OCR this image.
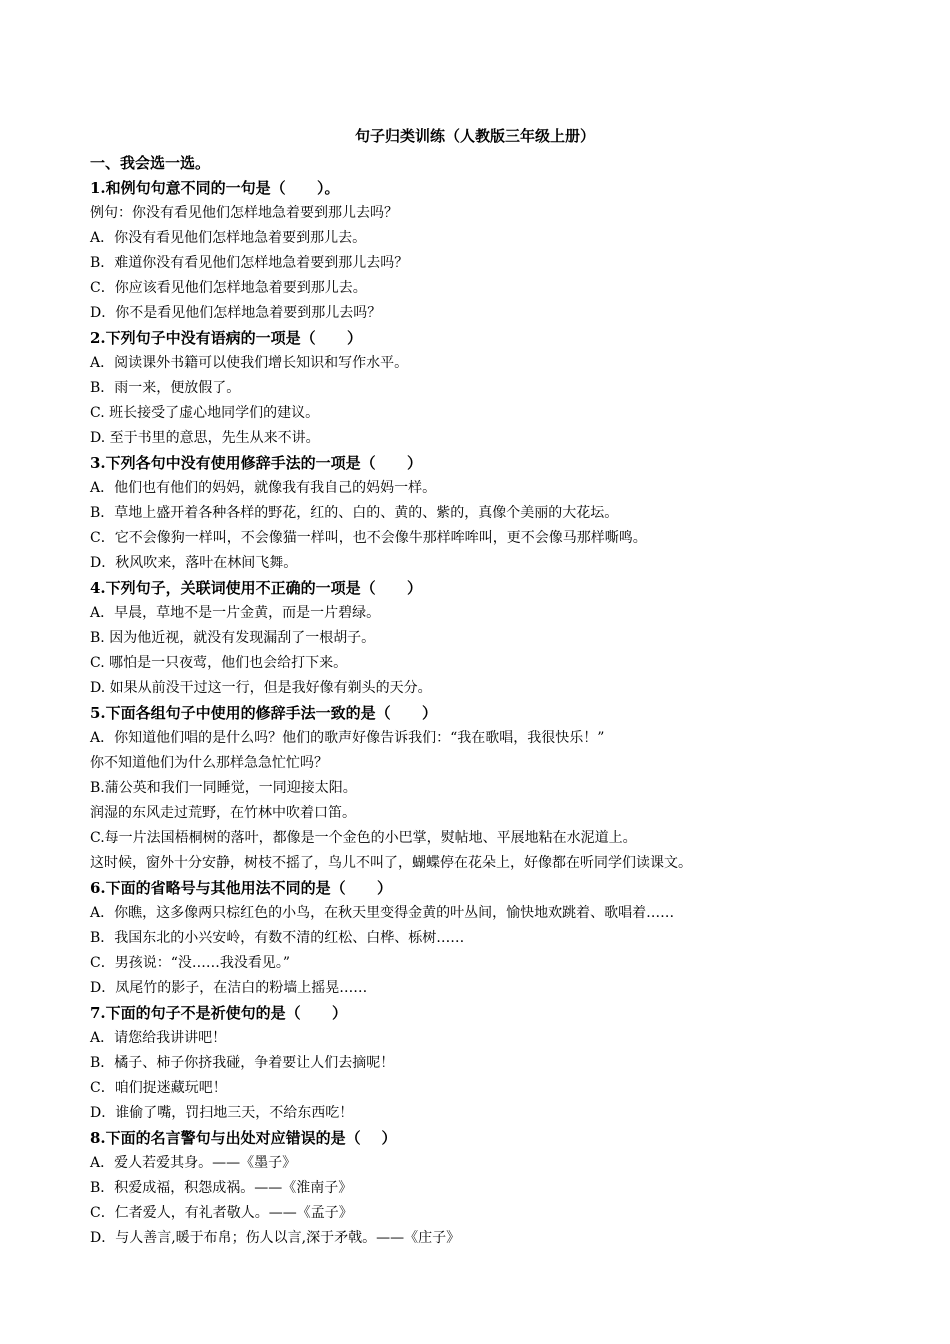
句子归类训练（人教版三年级上册）
一、我会选一选。
1.和例句句意不同的一句是（      ）。
例句：你没有看见他们怎样地急着要到那儿去吗？
A．你没有看见他们怎样地急着要到那儿去。
B．难道你没有看见他们怎样地急着要到那儿去吗？
C．你应该看见他们怎样地急着要到那儿去。
D．你不是看见他们怎样地急着要到那儿去吗？
2.下列句子中没有语病的一项是（      ）
A．阅读课外书籍可以使我们增长知识和写作水平。
B．雨一来，便放假了。
C. 班长接受了虚心地同学们的建议。
D. 至于书里的意思，先生从来不讲。
3.下列各句中没有使用修辞手法的一项是（      ）
A．他们也有他们的妈妈，就像我有我自己的妈妈一样。
B．草地上盛开着各种各样的野花，红的、白的、黄的、紫的，真像个美丽的大花坛。
C．它不会像狗一样叫，不会像猫一样叫，也不会像牛那样哞哞叫，更不会像马那样嘶鸣。
D．秋风吹来，落叶在林间飞舞。
4.下列句子，关联词使用不正确的一项是（      ）
A．早晨，草地不是一片金黄，而是一片碧绿。
B. 因为他近视，就没有发现漏刮了一根胡子。
C. 哪怕是一只夜莺，他们也会给打下来。
D. 如果从前没干过这一行，但是我好像有剃头的天分。
5.下面各组句子中使用的修辞手法一致的是（      ）
A．你知道他们唱的是什么吗？他们的歌声好像告诉我们：“我在歌唱，我很快乐！”
你不知道他们为什么那样急急忙忙吗？
B.蒲公英和我们一同睡觉，一同迎接太阳。
润湿的东风走过荒野，在竹林中吹着口笛。
C.每一片法国梧桐树的落叶，都像是一个金色的小巴掌，熨帖地、平展地粘在水泥道上。
这时候，窗外十分安静，树枝不摇了，鸟儿不叫了，蝴蝶停在花朵上，好像都在听同学们读课文。
6.下面的省略号与其他用法不同的是（      ）
A．你瞧，这多像两只棕红色的小鸟，在秋天里变得金黄的叶丛间，愉快地欢跳着、歌唱着……
B．我国东北的小兴安岭，有数不清的红松、白桦、栎树……
C．男孩说：“没……我没看见。”
D．凤尾竹的影子，在洁白的粉墙上摇晃……
7.下面的句子不是祈使句的是（      ）
A．请您给我讲讲吧！
B．橘子、柿子你挤我碰，争着要让人们去摘呢！
C．咱们捉迷藏玩吧！
D．谁偷了嘴，罚扫地三天，不给东西吃！
8.下面的名言警句与出处对应错误的是（    ）
A．爱人若爱其身。——《墨子》
B．积爱成福，积怨成祸。——《淮南子》
C．仁者爱人，有礼者敬人。——《孟子》
D．与人善言,暖于布帛；伤人以言,深于矛戟。——《庄子》
